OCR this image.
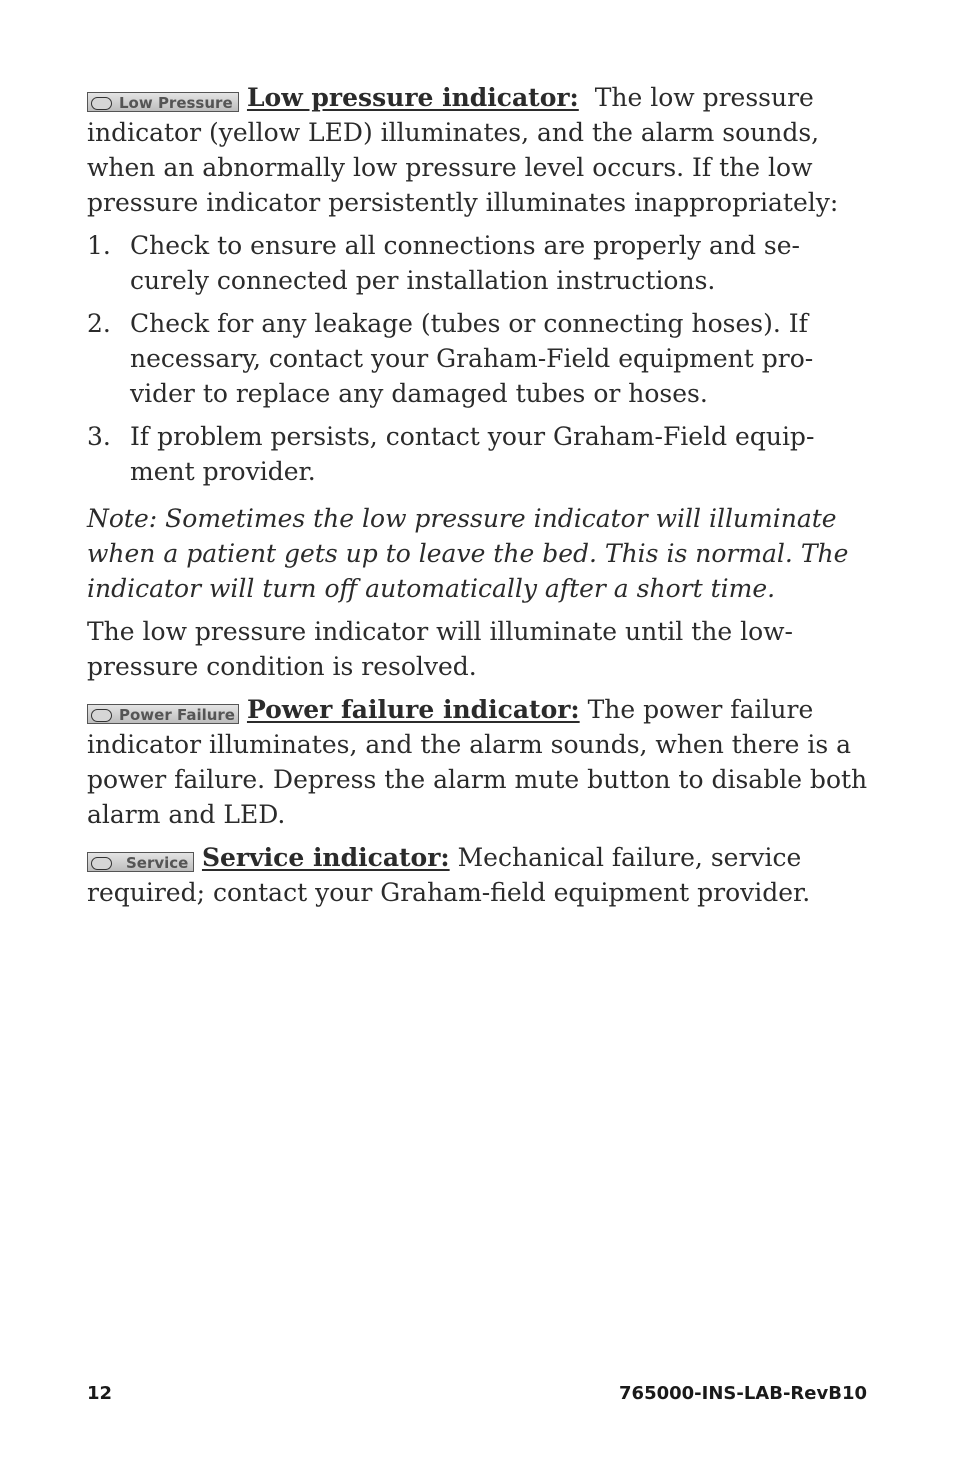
Low Pressure Low pressure indicator:  The low pressure indicator (yellow LED) illuminates, and the alarm sounds, when an abnormally low pressure level occurs. If the low pressure indicator persistently illuminates inappropriately:

1. Check to ensure all connections are properly and se-curely connected per installation instructions.
2. Check for any leakage (tubes or connecting hoses). If necessary, contact your Graham-Field equipment pro-vider to replace any damaged tubes or hoses.
3. If problem persists, contact your Graham-Field equip-ment provider.

Note: Sometimes the low pressure indicator will illuminate when a patient gets up to leave the bed. This is normal. The indicator will turn off automatically after a short time.

The low pressure indicator will illuminate until the low-pressure condition is resolved.

Power Failure Power failure indicator: The power failure indicator illuminates, and the alarm sounds, when there is a power failure. Depress the alarm mute button to disable both alarm and LED.

Service Service indicator: Mechanical failure, service required; contact your Graham-field equipment provider.

12	765000-INS-LAB-RevB10
